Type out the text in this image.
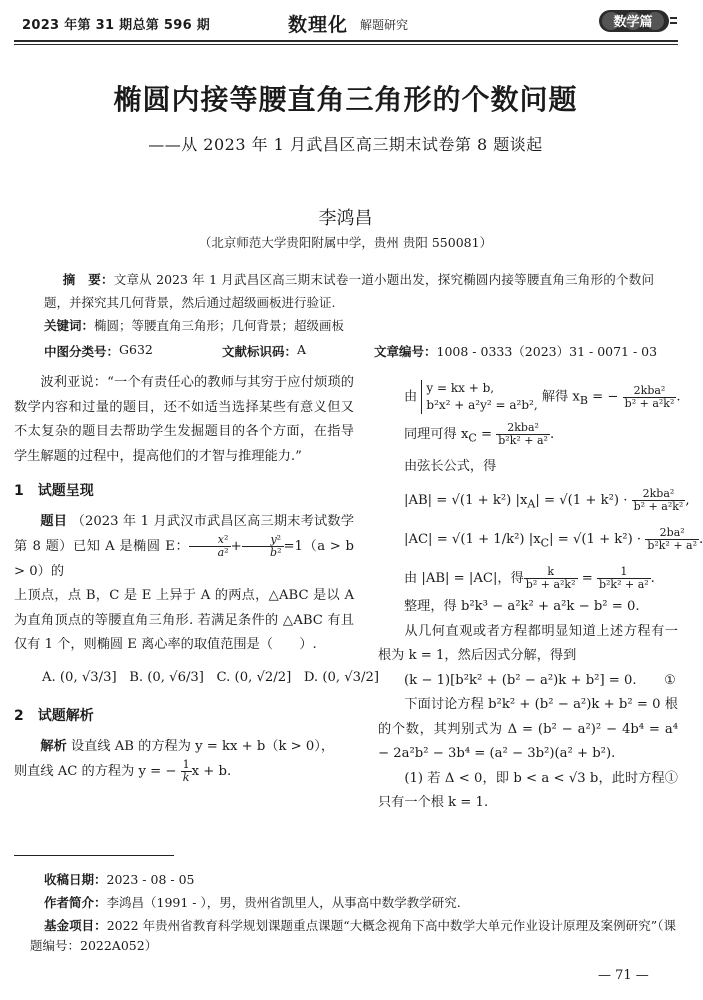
2023 年第 31 期总第 596 期	数理化 解题研究	数学篇
椭圆内接等腰直角三角形的个数问题
——从 2023 年 1 月武昌区高三期末试卷第 8 题谈起
李鸿昌
（北京师范大学贵阳附属中学，贵州 贵阳 550081）
摘　要：文章从 2023 年 1 月武昌区高三期末试卷一道小题出发，探究椭圆内接等腰直角三角形的个数问题，并探究其几何背景，然后通过超级画板进行验证.
关键词：椭圆；等腰直角三角形；几何背景；超级画板
中图分类号： G632	文献标识码： A	文章编号： 1008 - 0333（2023）31 - 0071 - 03

波利亚说：“一个有责任心的教师与其穷于应付烦琐的数学内容和过量的题目，还不如适当选择某些有意义但又不太复杂的题目去帮助学生发掘题目的各个方面，在指导学生解题的过程中，提高他们的才智与推理能力.”

1　试题呈现

题目 （2023 年 1 月武汉市武昌区高三期末考试数学第 8 题）已知 A 是椭圆 E： $\frac{\text{x²}}{\text{a²}} + \frac{\text{y²}}{\text{b²}} =1(a > b > 0)$的

上顶点，点 B，C 是 E 上异于 A 的两点，△ABC 是以 A 为直角顶点的等腰直角三角形. 若满足条件的 △ABC 有且仅有 1 个，则椭圆 E 离心率的取值范围是（　　）.

A. (0, √3/3] B. (0, √6/3] C. (0, √2/2] D. (0, √3/2]
2　试题解析

解析 设直线 AB 的方程为 y = kx + b（k > 0），

则直线 AC 的方程为 y = − $\frac{1}{k}$ x + b.

由
y = kx + b,
b²x² + a²y² = a²b²,
解得 $x_B$ = − $\frac{\text{2kba²}}{\text{b² + a²k²}}$ .
同理可得 $x_C = \frac{\text{2kba²}}{\text{b²k² + a²}}$ .
由弦长公式，得
|AB| = √(1 + k²) $|x_A| = √(1 + k^2) \cdot \frac{\text{2kba²}}{\text{b² + a²k²}}$ ,
|AC| = √(1 + 1/k²) $|x_C| = √(1 + k^2) \cdot \frac{\text{2ba²}}{\text{b²k² + a²}}$ .
由 |AB| = |AC|，得 $\frac{k}{\text{b² + a²k²}} = \frac{1}{\text{b²k² + a²}}$ .
整理，得 b²k³ − a²k² + a²k − b² = 0.

从几何直观或者方程都明显知道上述方程有一根为 k = 1，然后因式分解，得到

(k − 1)[b²k² + (b² − a²)k + b²] = 0. ①

下面讨论方程 b²k² + (b² − a²)k + b² = 0 根的个数，其判别式为 Δ = (b² − a²)² − 4b⁴ = a⁴ − 2a²b² − 3b⁴ = (a² − 3b²)(a² + b²).

(1) 若 Δ < 0，即 b < a < √3 b，此时方程①只有一个根 k = 1.

收稿日期：2023 - 08 - 05
作者简介：李鸿昌（1991 - ），男，贵州省凯里人，从事高中数学教学研究.
基金项目：2022 年贵州省教育科学规划课题重点课题“大概念视角下高中数学大单元作业设计原理及案例研究”（课题编号：2022A052）
— 71 —
